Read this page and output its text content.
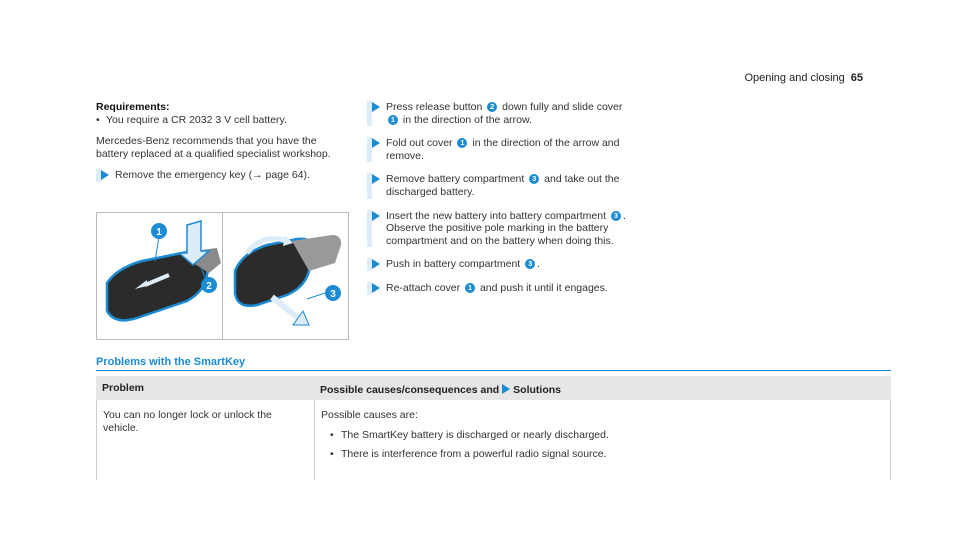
Opening and closing 65
Requirements:
• You require a CR 2032 3 V cell battery.
Mercedes-Benz recommends that you have the battery replaced at a qualified specialist workshop.
Remove the emergency key (→ page 64).
1
2
3
Press release button 2 down fully and slide cover 1 in the direction of the arrow.
Fold out cover 1 in the direction of the arrow and remove.
Remove battery compartment 3 and take out the discharged battery.
Insert the new battery into battery compartment 3 . Observe the positive pole marking in the battery compartment and on the battery when doing this.
Push in battery compartment 3 .
Re-attach cover 1 and push it until it engages.
Problems with the SmartKey
Problem	Possible causes/consequences and Solutions
You can no longer lock or unlock the vehicle.
Possible causes are:
• The SmartKey battery is discharged or nearly discharged.
• There is interference from a powerful radio signal source.
